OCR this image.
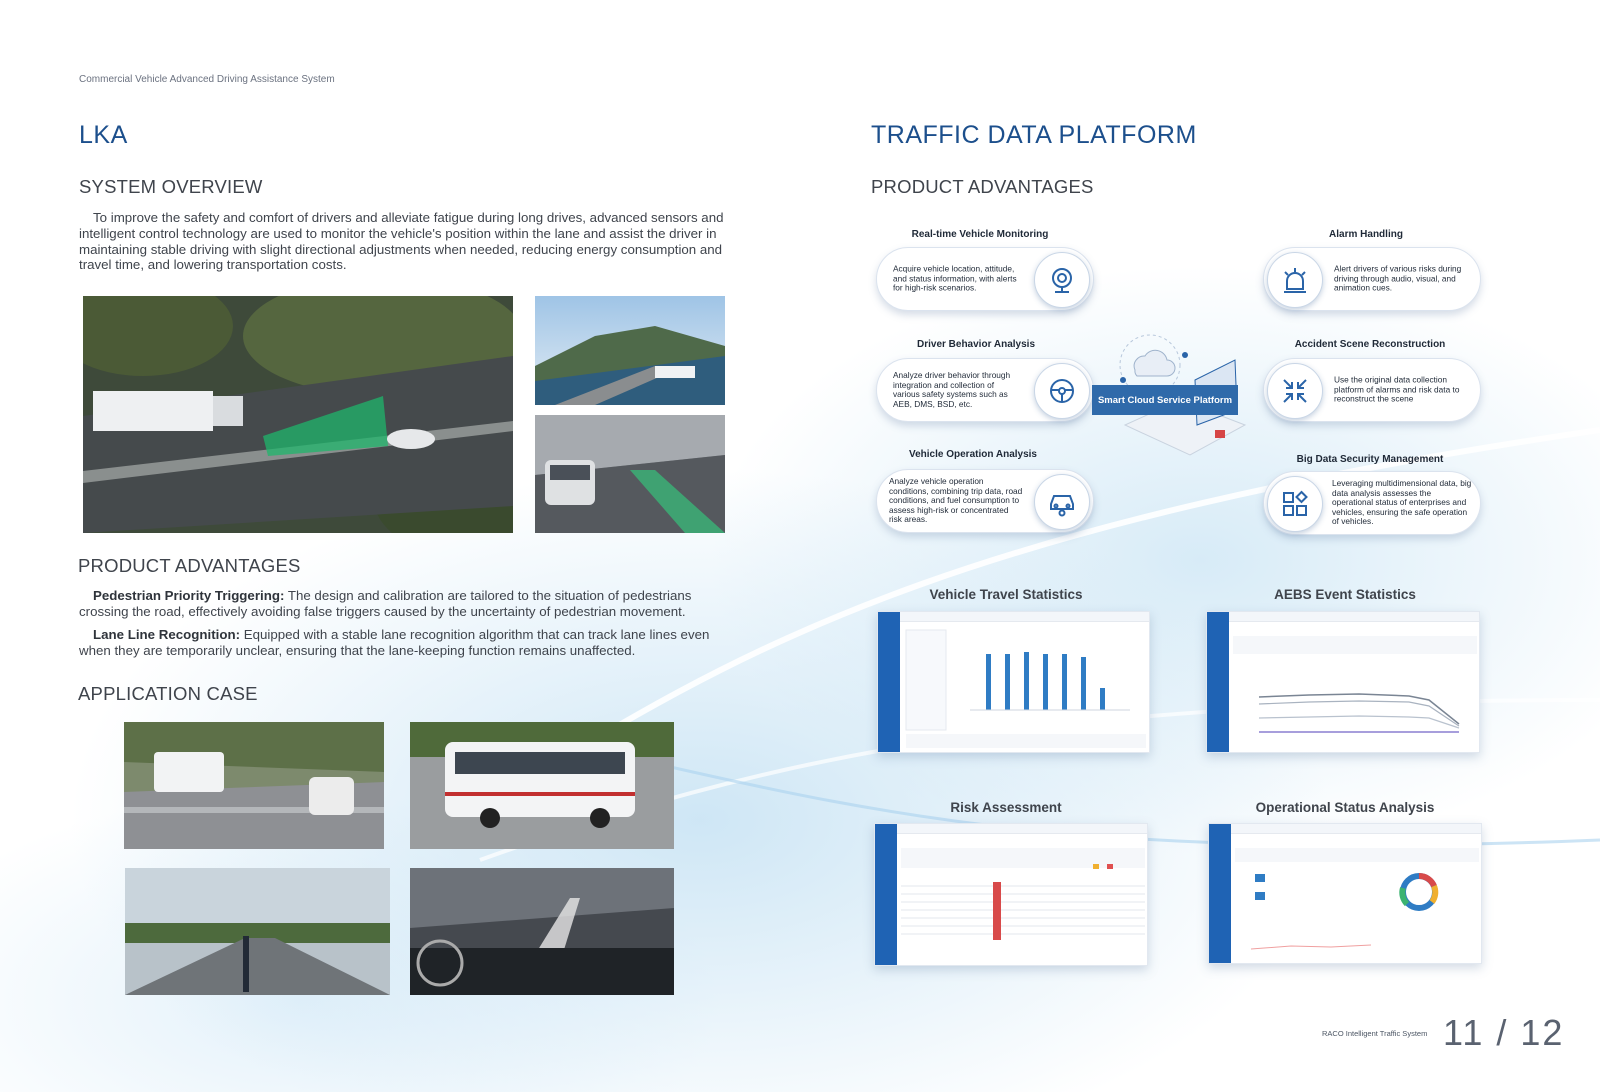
Commercial Vehicle Advanced Driving Assistance System
LKA
SYSTEM OVERVIEW
To improve the safety and comfort of drivers and alleviate fatigue during long drives, advanced sensors and intelligent control technology are used to monitor the vehicle's position within the lane and assist the driver in maintaining stable driving with slight directional adjustments when needed, reducing energy consumption and travel time, and lowering transportation costs.
PRODUCT ADVANTAGES
Pedestrian Priority Triggering: The design and calibration are tailored to the situation of pedestrians crossing the road, effectively avoiding false triggers caused by the uncertainty of pedestrian movement.
Lane Line Recognition: Equipped with a stable lane recognition algorithm that can track lane lines even when they are temporarily unclear, ensuring that the lane-keeping function remains unaffected.
APPLICATION CASE
TRAFFIC DATA PLATFORM
PRODUCT ADVANTAGES
Real-time Vehicle Monitoring
Acquire vehicle location, attitude, and status information, with alerts for high-risk scenarios.
Alarm Handling
Alert drivers of various risks during driving through audio, visual, and animation cues.
Driver Behavior Analysis
Analyze driver behavior through integration and collection of various safety systems such as AEB, DMS, BSD, etc.
Accident Scene Reconstruction
Use the original data collection platform of alarms and risk data to reconstruct the scene
Vehicle Operation Analysis
Analyze vehicle operation conditions, combining trip data, road conditions, and fuel consumption to assess high-risk or concentrated risk areas.
Big Data Security Management
Leveraging multidimensional data, big data analysis assesses the operational status of enterprises and vehicles, ensuring the safe operation of vehicles.
Smart Cloud Service Platform
Vehicle Travel Statistics	AEBS Event Statistics
Risk Assessment	Operational Status Analysis
RACO Intelligent Traffic System 11 / 12
